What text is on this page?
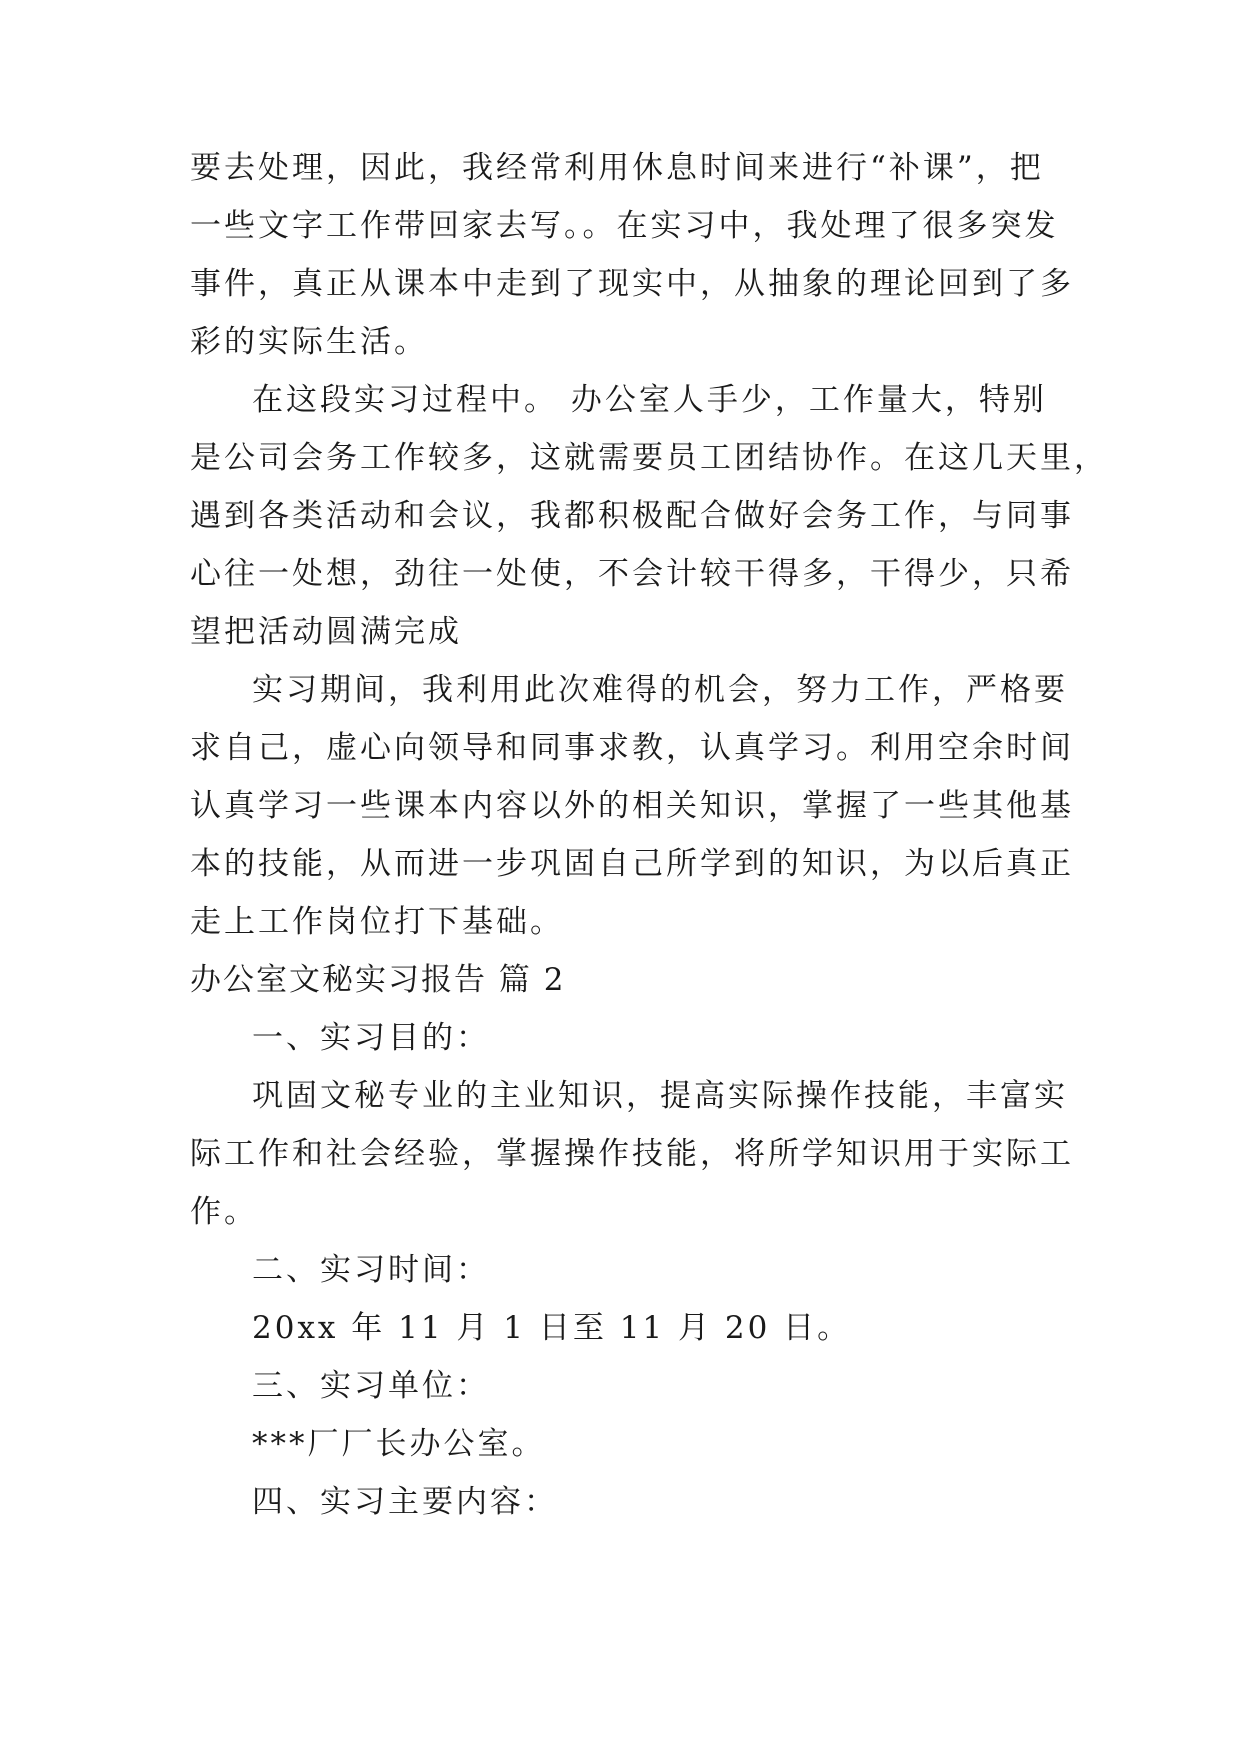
要去处理，因此，我经常利用休息时间来进行“补课”，把
一些文字工作带回家去写。。在实习中，我处理了很多突发
事件，真正从课本中走到了现实中，从抽象的理论回到了多
彩的实际生活。
在这段实习过程中。 办公室人手少，工作量大，特别
是公司会务工作较多，这就需要员工团结协作。在这几天里，
遇到各类活动和会议，我都积极配合做好会务工作，与同事
心往一处想，劲往一处使，不会计较干得多，干得少，只希
望把活动圆满完成
实习期间，我利用此次难得的机会，努力工作，严格要
求自己，虚心向领导和同事求教，认真学习。利用空余时间
认真学习一些课本内容以外的相关知识，掌握了一些其他基
本的技能，从而进一步巩固自己所学到的知识，为以后真正
走上工作岗位打下基础。
办公室文秘实习报告 篇 2
一、实习目的：
巩固文秘专业的主业知识，提高实际操作技能，丰富实
际工作和社会经验，掌握操作技能，将所学知识用于实际工
作。
二、实习时间：
20xx 年 11 月 1 日至 11 月 20 日。
三、实习单位：
***厂厂长办公室。
四、实习主要内容：
